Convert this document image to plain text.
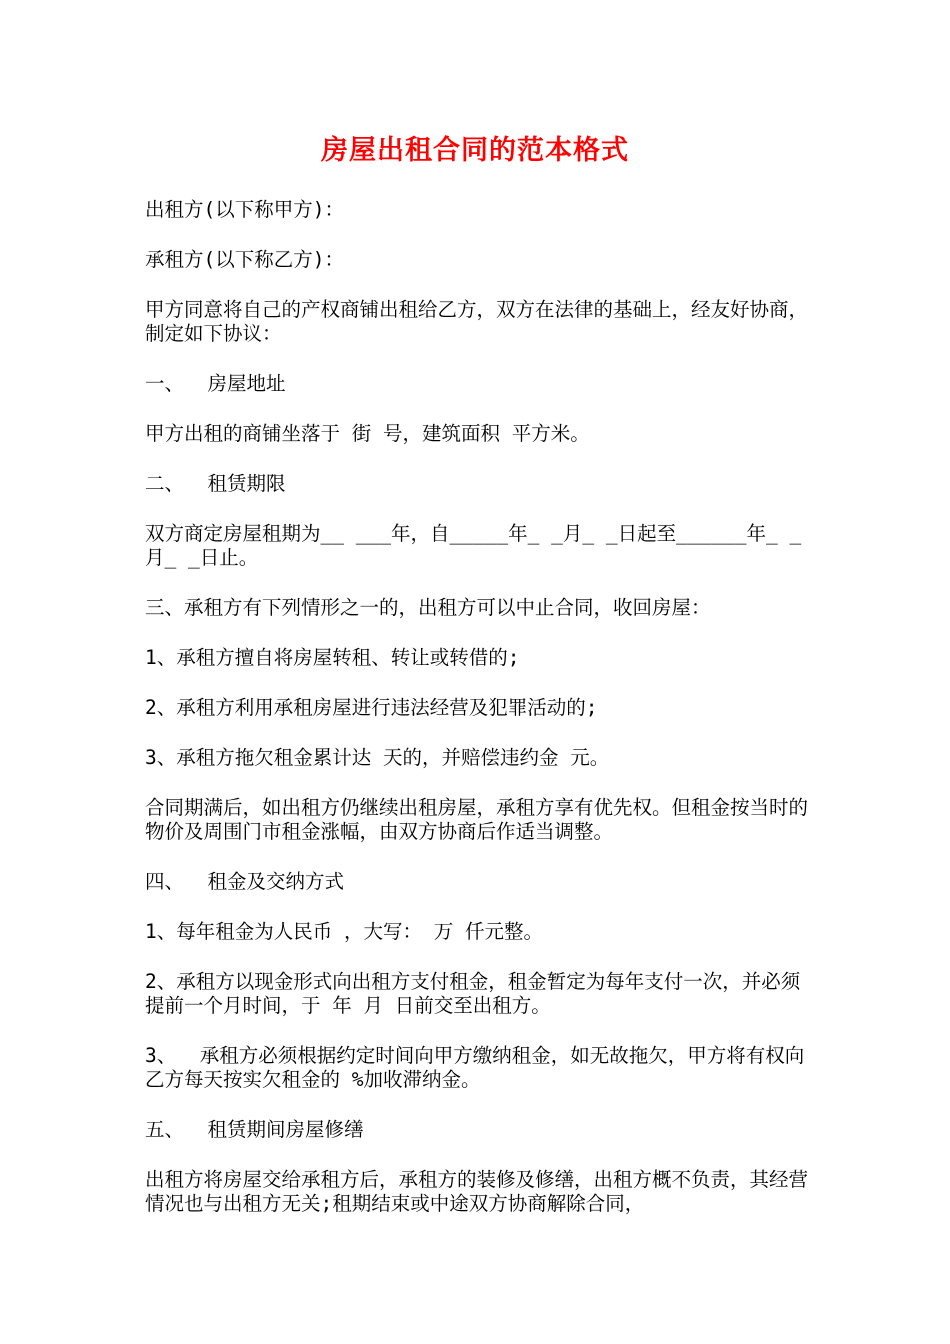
房屋出租合同的范本格式

出租方(以下称甲方)：

承租方(以下称乙方)：

甲方同意将自己的产权商铺出租给乙方，双方在法律的基础上，经友好协商，制定如下协议：

一、  房屋地址

甲方出租的商铺坐落于 街 号，建筑面积 平方米。

二、  租赁期限

双方商定房屋租期为__ ___年，自_____年_ _月_ _日起至______年_ _月_ _日止。

三、承租方有下列情形之一的，出租方可以中止合同，收回房屋：

1、承租方擅自将房屋转租、转让或转借的;

2、承租方利用承租房屋进行违法经营及犯罪活动的;

3、承租方拖欠租金累计达 天的，并赔偿违约金 元。

合同期满后，如出租方仍继续出租房屋，承租方享有优先权。但租金按当时的物价及周围门市租金涨幅，由双方协商后作适当调整。

四、  租金及交纳方式

1、每年租金为人民币 ，大写： 万 仟元整。

2、承租方以现金形式向出租方支付租金，租金暂定为每年支付一次，并必须提前一个月时间，于 年 月 日前交至出租方。

3、  承租方必须根据约定时间向甲方缴纳租金，如无故拖欠，甲方将有权向乙方每天按实欠租金的 %加收滞纳金。

五、  租赁期间房屋修缮

出租方将房屋交给承租方后，承租方的装修及修缮，出租方概不负责，其经营情况也与出租方无关;租期结束或中途双方协商解除合同，
